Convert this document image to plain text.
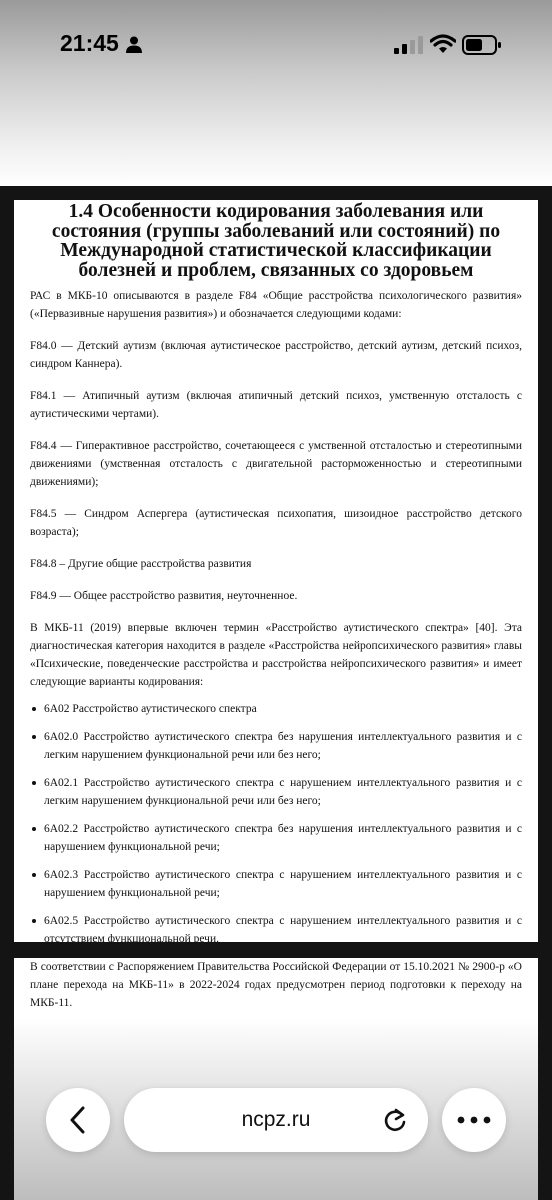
21:45
1.4 Особенности кодирования заболевания или состояния (группы заболеваний или состояний) по Международной статистической классификации болезней и проблем, связанных со здоровьем

РАС в МКБ-10 описываются в разделе F84 «Общие расстройства психологического развития» («Первазивные нарушения развития») и обозначается следующими кодами:

F84.0 — Детский аутизм (включая аутистическое расстройство, детский аутизм, детский психоз, синдром Каннера).

F84.1 — Атипичный аутизм (включая атипичный детский психоз, умственную отсталость с аутистическими чертами).

F84.4 — Гиперактивное расстройство, сочетающееся с умственной отсталостью и стереотипными движениями (умственная отсталость с двигательной расторможенностью и стереотипными движениями);

F84.5 — Синдром Аспергера (аутистическая психопатия, шизоидное расстройство детского возраста);

F84.8 – Другие общие расстройства развития

F84.9 — Общее расстройство развития, неуточненное.

В МКБ-11 (2019) впервые включен термин «Расстройство аутистического спектра» [40]. Эта диагностическая категория находится в разделе «Расстройства нейропсихического развития» главы «Психические, поведенческие расстройства и расстройства нейропсихического развития» и имеет следующие варианты кодирования:

6A02 Расстройство аутистического спектра
6A02.0 Расстройство аутистического спектра без нарушения интеллектуального развития и с легким нарушением функциональной речи или без него;
6A02.1 Расстройство аутистического спектра с нарушением интеллектуального развития и с легким нарушением функциональной речи или без него;
6A02.2 Расстройство аутистического спектра без нарушения интеллектуального развития и с нарушением функциональной речи;
6A02.3 Расстройство аутистического спектра с нарушением интеллектуального развития и с нарушением функциональной речи;
6A02.5 Расстройство аутистического спектра с нарушением интеллектуального развития и с отсутствием функциональной речи.

В соответствии с Распоряжением Правительства Российской Федерации от 15.10.2021 № 2900-р «О плане перехода на МКБ-11» в 2022-2024 годах предусмотрен период подготовки к переходу на МКБ-11.

ncpz.ru
